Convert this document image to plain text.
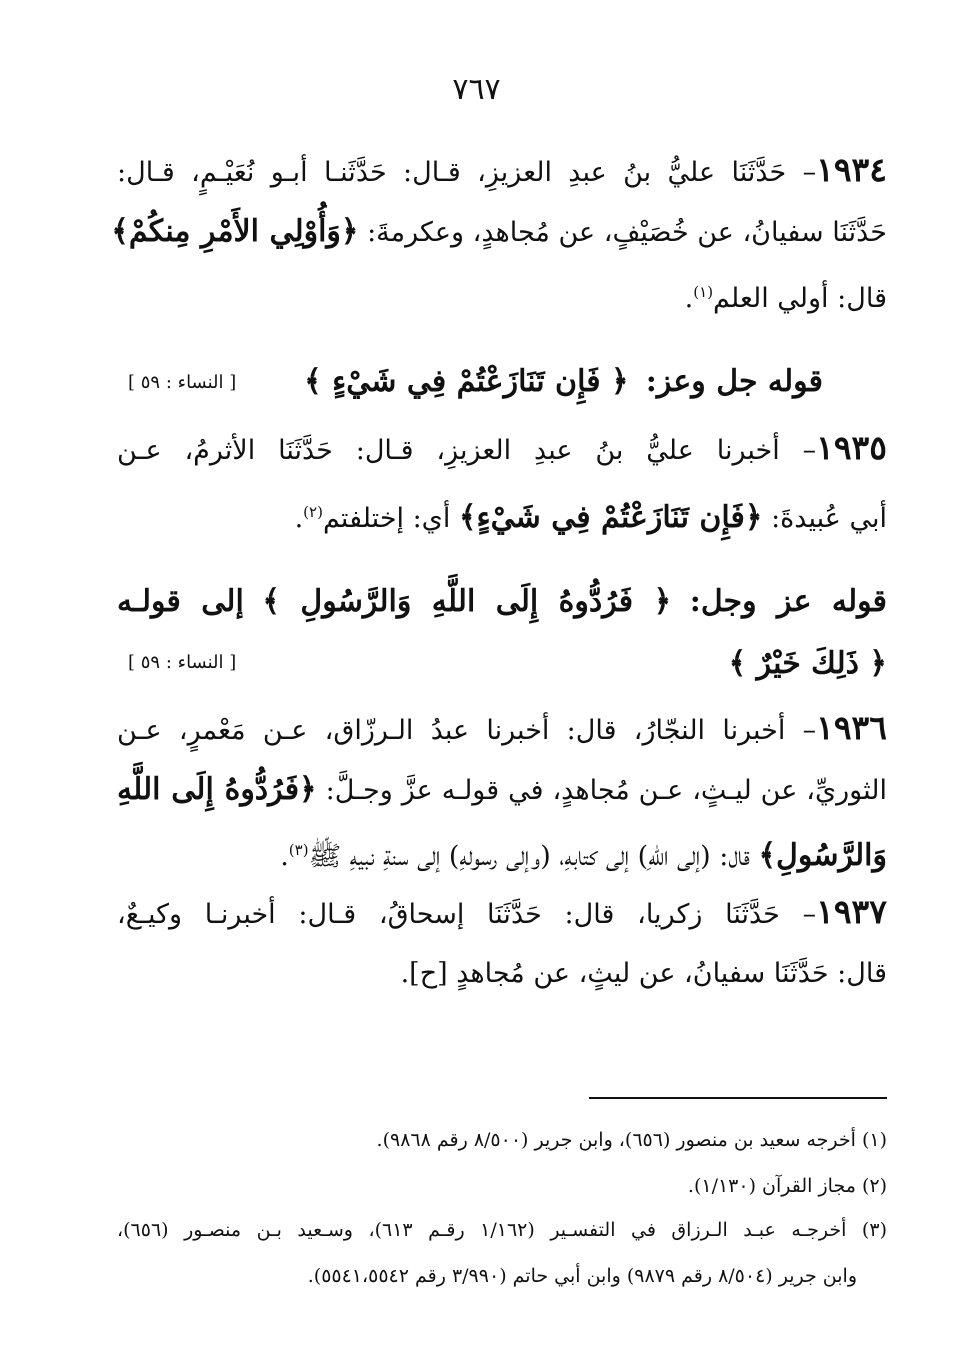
٧٦٧
١٩٣٤– حَدَّثَنَا عليُّ بنُ عبدِ العزيزِ، قـال: حَدَّثَنـا أبـو نُعَيْـمٍ، قـال:
حَدَّثَنَا سفيانُ، عن خُصَيْفٍ، عن مُجاهدٍ، وعكرمةَ: ﴿وَأُوْلِي الأَمْرِ مِنكُمْ﴾
قال: أولي العلم$^{(١)}$.
قوله جل وعز:  ﴿ فَإِن تَنَازَعْتُمْ فِي شَيْءٍ ﴾
[ النساء : ٥٩ ]
١٩٣٥– أخبرنا عليُّ بنُ عبدِ العزيزِ، قـال: حَدَّثَنَا الأثرمُ، عـن
أبي عُبيدةَ: ﴿فَإِن تَنَازَعْتُمْ فِي شَيْءٍ﴾ أي: إختلفتم$^{(٢)}$.
قوله عز وجل: ﴿ فَرُدُّوهُ إِلَى اللَّهِ وَالرَّسُولِ ﴾ إلى قولـه
﴿ ذَلِكَ خَيْرٌ ﴾
[ النساء : ٥٩ ]
١٩٣٦– أخبرنا النجّارُ، قال: أخبرنا عبدُ الـرزّاق، عـن مَعْمرٍ، عـن
الثوريِّ، عن ليـثٍ، عـن مُجاهدٍ، في قولـه عزَّ وجـلَّ: ﴿فَرُدُّوهُ إِلَى اللَّهِ
وَالرَّسُولِ﴾ قال: (إلى اللهِ) إلى كتابهِ، (وإلى رسولهِ) إلى سنةِ نبيهِ ﷺ$^{(٣)}$.
١٩٣٧– حَدَّثَنَا زكريا، قال: حَدَّثَنَا إسحاقُ، قـال: أخبرنـا وكيـعٌ،
قال: حَدَّثَنَا سفيانُ، عن ليثٍ، عن مُجاهدٍ [ح].
(١) أخرجه سعيد بن منصور (٦٥٦)، وابن جرير (٨/٥٠٠ رقم ٩٨٦٨).
(٢) مجاز القرآن (١/١٣٠).
(٣) أخرجـه عبـد الـرزاق في التفسـير (١/١٦٢ رقـم ٦١٣)، وسـعيد بـن منصـور (٦٥٦)،
وابن جرير (٨/٥٠٤ رقم ٩٨٧٩) وابن أبي حاتم (٣/٩٩٠ رقم ٥٥٤١،٥٥٤٢).
